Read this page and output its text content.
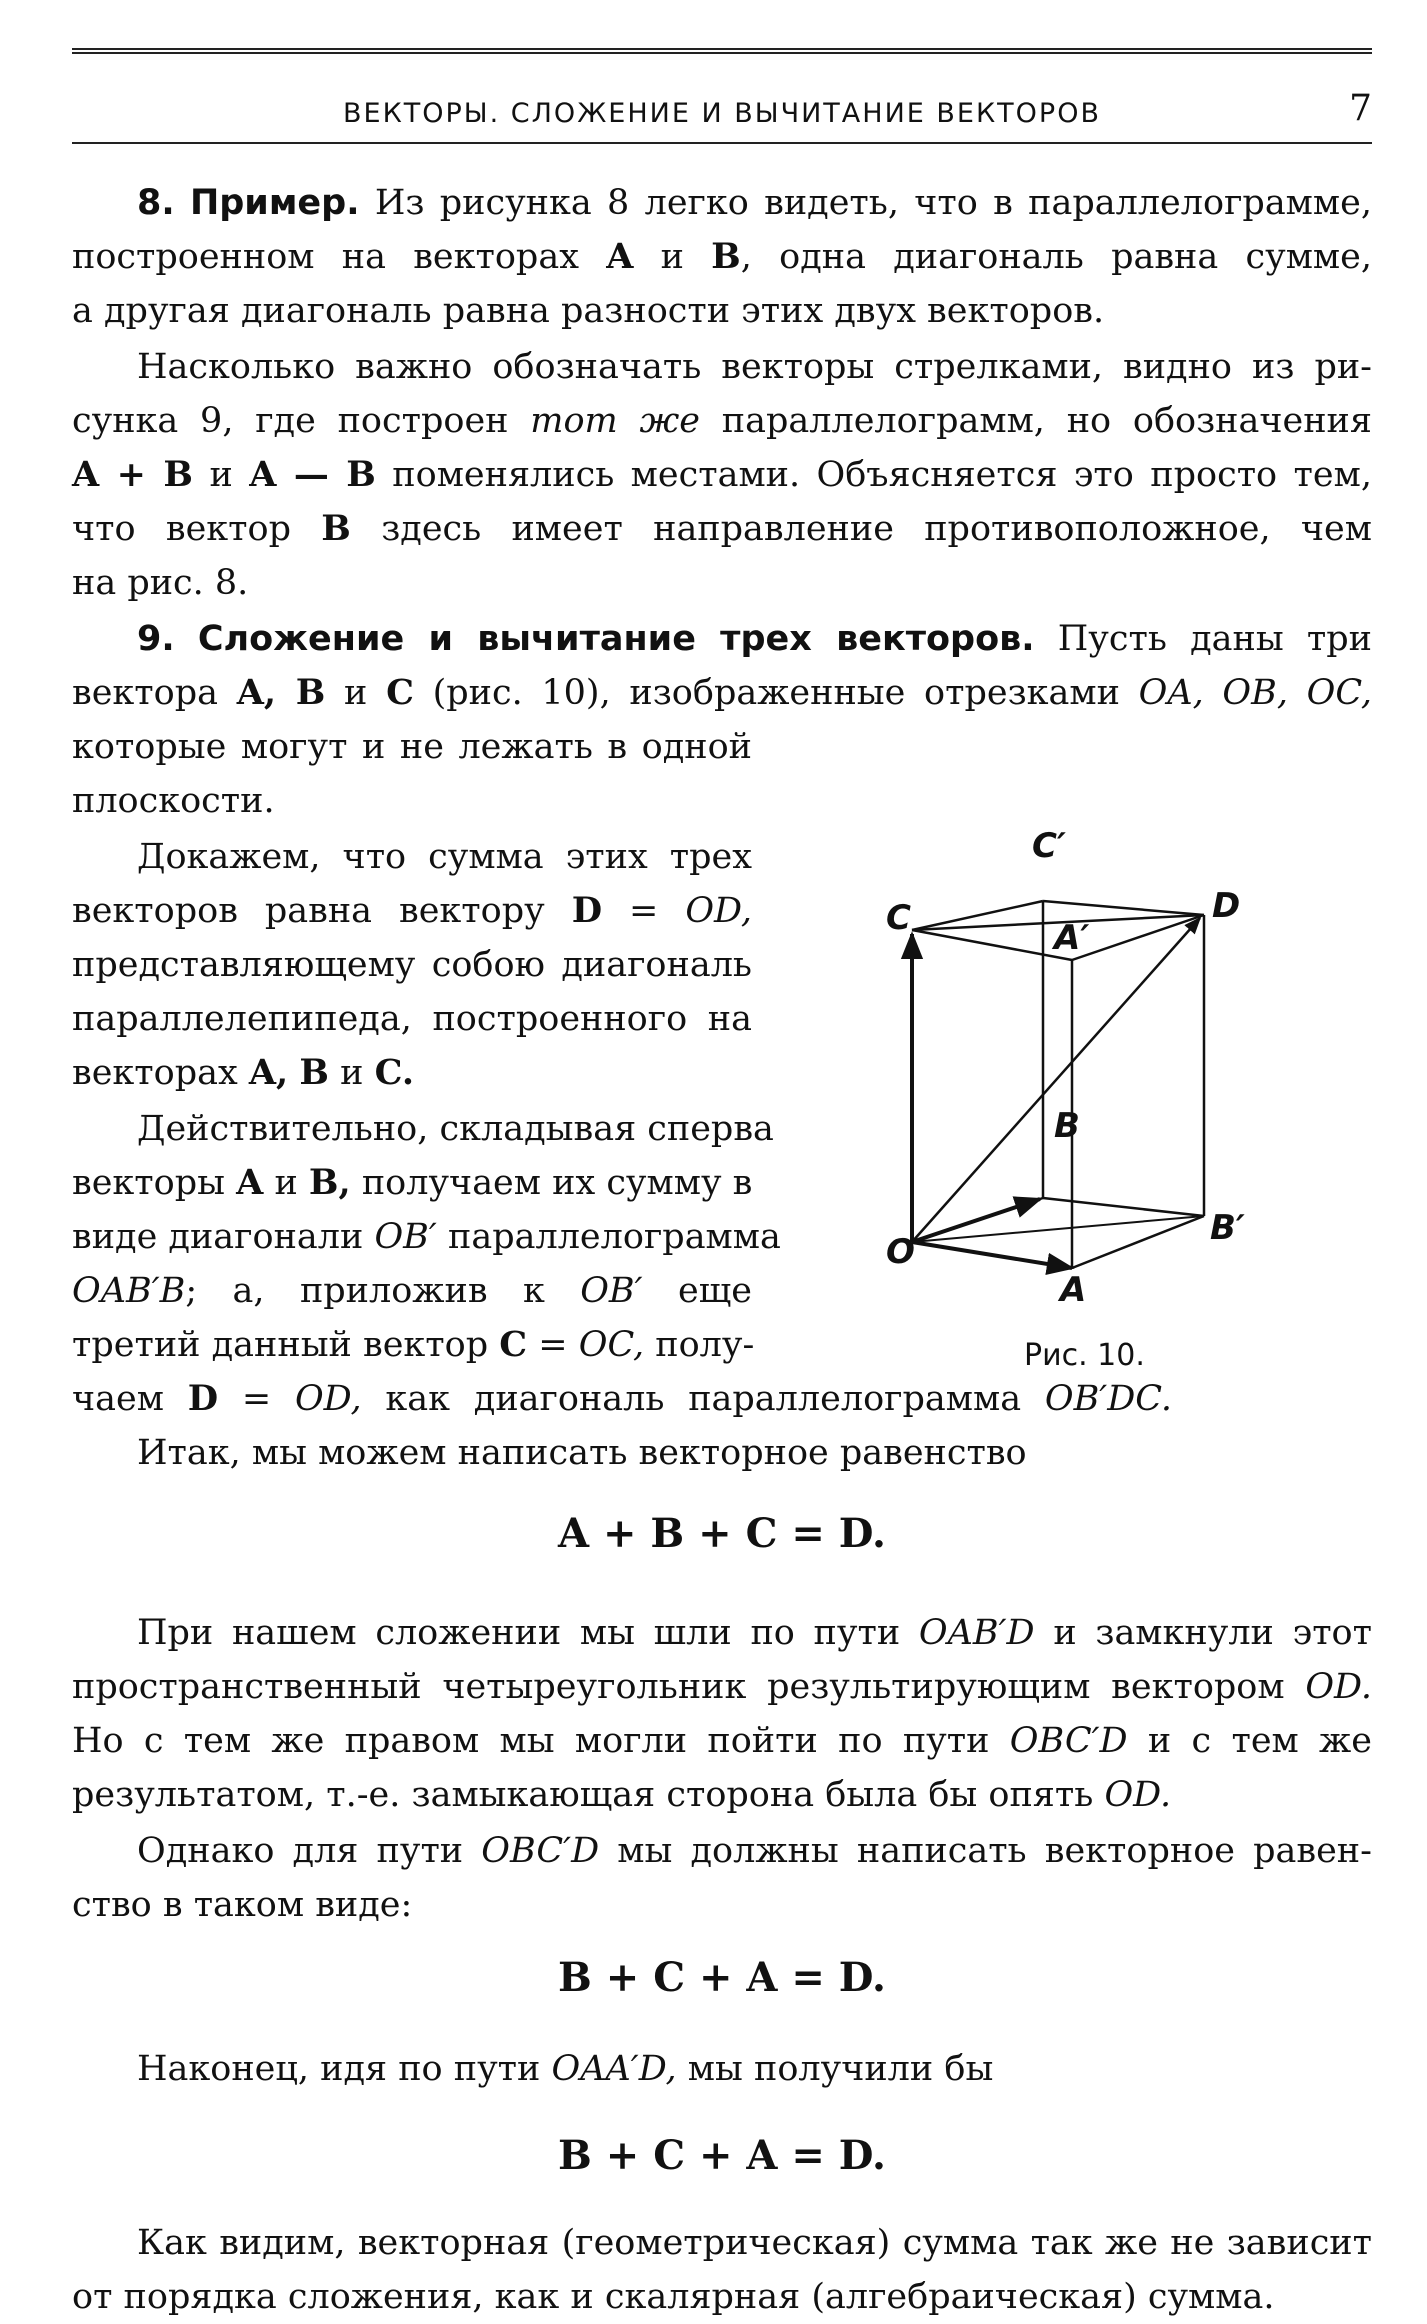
ВЕКТОРЫ. СЛОЖЕНИЕ И ВЫЧИТАНИЕ ВЕКТОРОВ	7
8. Пример. Из рисунка 8 легко видеть, что в параллелограмме,
построенном на векторах A и B, одна диагональ равна сумме,
а другая диагональ равна разности этих двух векторов.
Насколько важно обозначать векторы стрелками, видно из ри-
сунка 9, где построен тот же параллелограмм, но обозначения
A + B и A — B поменялись местами. Объясняется это просто тем,
что вектор B здесь имеет направление противоположное, чем
на рис. 8.
9. Сложение и вычитание трех векторов. Пусть даны три
вектора A, B и C (рис. 10), изображенные отрезками OA, OB, OC,
которые могут и не лежать в одной
плоскости.
Докажем, что сумма этих трех
векторов равна вектору D = OD,
представляющему собою диагональ
параллелепипеда, построенного на
векторах A, B и C.
Действительно, складывая сперва
векторы A и B, получаем их сумму в
виде диагонали OB′ параллелограмма
OAB′B; а, приложив к OB′ еще
третий данный вектор C = OC, полу-
чаем D = OD, как диагональ параллелограмма OB′DC.
Итак, мы можем написать векторное равенство
A + B + C = D.
При нашем сложении мы шли по пути OAB′D и замкнули этот
пространственный четыреугольник результирующим вектором OD.
Но с тем же правом мы могли пойти по пути OBC′D и с тем же
результатом, т.-е. замыкающая сторона была бы опять OD.
Однако для пути OBC′D мы должны написать векторное равен-
ство в таком виде:
B + C + A = D.
Наконец, идя по пути OAA′D, мы получили бы
B + C + A = D.
Как видим, векторная (геометрическая) сумма так же не зависит
от порядка сложения, как и скалярная (алгебраическая) сумма.
C′
C	D
A′
B
O
B′
A
Рис. 10.
